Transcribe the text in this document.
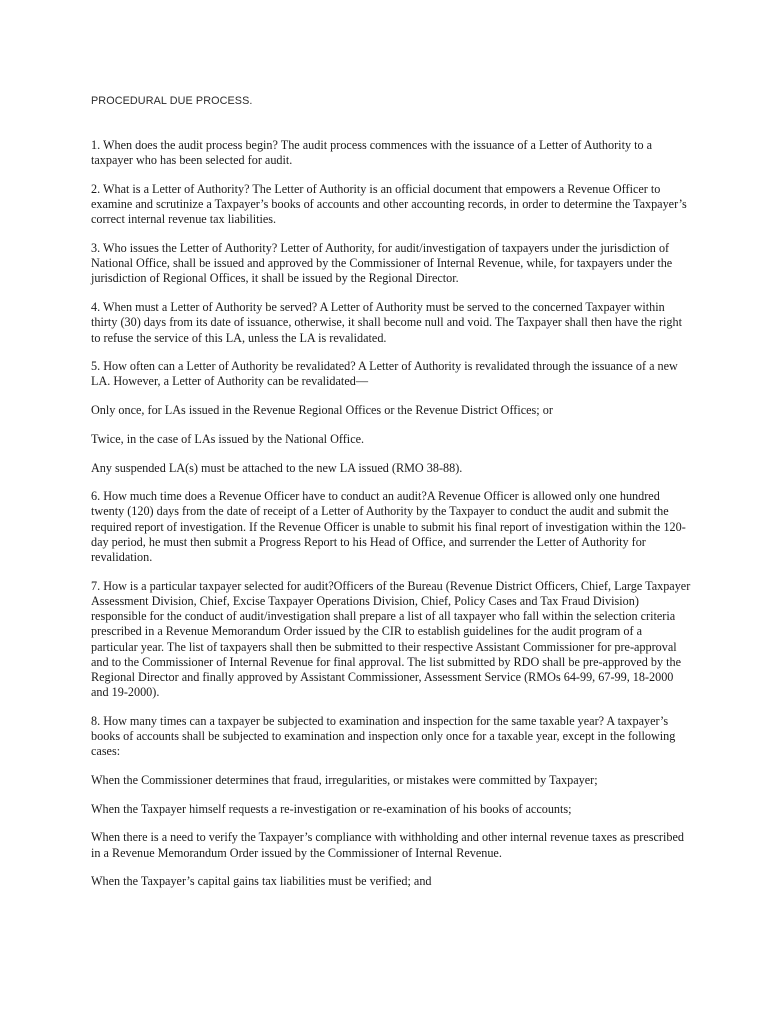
PROCEDURAL DUE PROCESS.

1. When does the audit process begin? The audit process commences with the issuance of a Letter of Authority to a taxpayer who has been selected for audit.

2. What is a Letter of Authority? The Letter of Authority is an official document that empowers a Revenue Officer to examine and scrutinize a Taxpayer’s books of accounts and other accounting records, in order to determine the Taxpayer’s correct internal revenue tax liabilities.

3. Who issues the Letter of Authority? Letter of Authority, for audit/investigation of taxpayers under the jurisdiction of National Office, shall be issued and approved by the Commissioner of Internal Revenue, while, for taxpayers under the jurisdiction of Regional Offices, it shall be issued by the Regional Director.

4. When must a Letter of Authority be served? A Letter of Authority must be served to the concerned Taxpayer within thirty (30) days from its date of issuance, otherwise, it shall become null and void. The Taxpayer shall then have the right to refuse the service of this LA, unless the LA is revalidated.

5. How often can a Letter of Authority be revalidated? A Letter of Authority is revalidated through the issuance of a new LA. However, a Letter of Authority can be revalidated—

Only once, for LAs issued in the Revenue Regional Offices or the Revenue District Offices; or

Twice, in the case of LAs issued by the National Office.

Any suspended LA(s) must be attached to the new LA issued (RMO 38-88).

6. How much time does a Revenue Officer have to conduct an audit?A Revenue Officer is allowed only one hundred twenty (120) days from the date of receipt of a Letter of Authority by the Taxpayer to conduct the audit and submit the required report of investigation. If the Revenue Officer is unable to submit his final report of investigation within the 120-day period, he must then submit a Progress Report to his Head of Office, and surrender the Letter of Authority for revalidation.

7. How is a particular taxpayer selected for audit?Officers of the Bureau (Revenue District Officers, Chief, Large Taxpayer Assessment Division, Chief, Excise Taxpayer Operations Division, Chief, Policy Cases and Tax Fraud Division) responsible for the conduct of audit/investigation shall prepare a list of all taxpayer who fall within the selection criteria prescribed in a Revenue Memorandum Order issued by the CIR to establish guidelines for the audit program of a particular year. The list of taxpayers shall then be submitted to their respective Assistant Commissioner for pre-approval and to the Commissioner of Internal Revenue for final approval. The list submitted by RDO shall be pre-approved by the Regional Director and finally approved by Assistant Commissioner, Assessment Service (RMOs 64-99, 67-99, 18-2000 and 19-2000).

8. How many times can a taxpayer be subjected to examination and inspection for the same taxable year? A taxpayer’s books of accounts shall be subjected to examination and inspection only once for a taxable year, except in the following cases:

When the Commissioner determines that fraud, irregularities, or mistakes were committed by Taxpayer;

When the Taxpayer himself requests a re-investigation or re-examination of his books of accounts;

When there is a need to verify the Taxpayer’s compliance with withholding and other internal revenue taxes as prescribed in a Revenue Memorandum Order issued by the Commissioner of Internal Revenue.

When the Taxpayer’s capital gains tax liabilities must be verified; and
